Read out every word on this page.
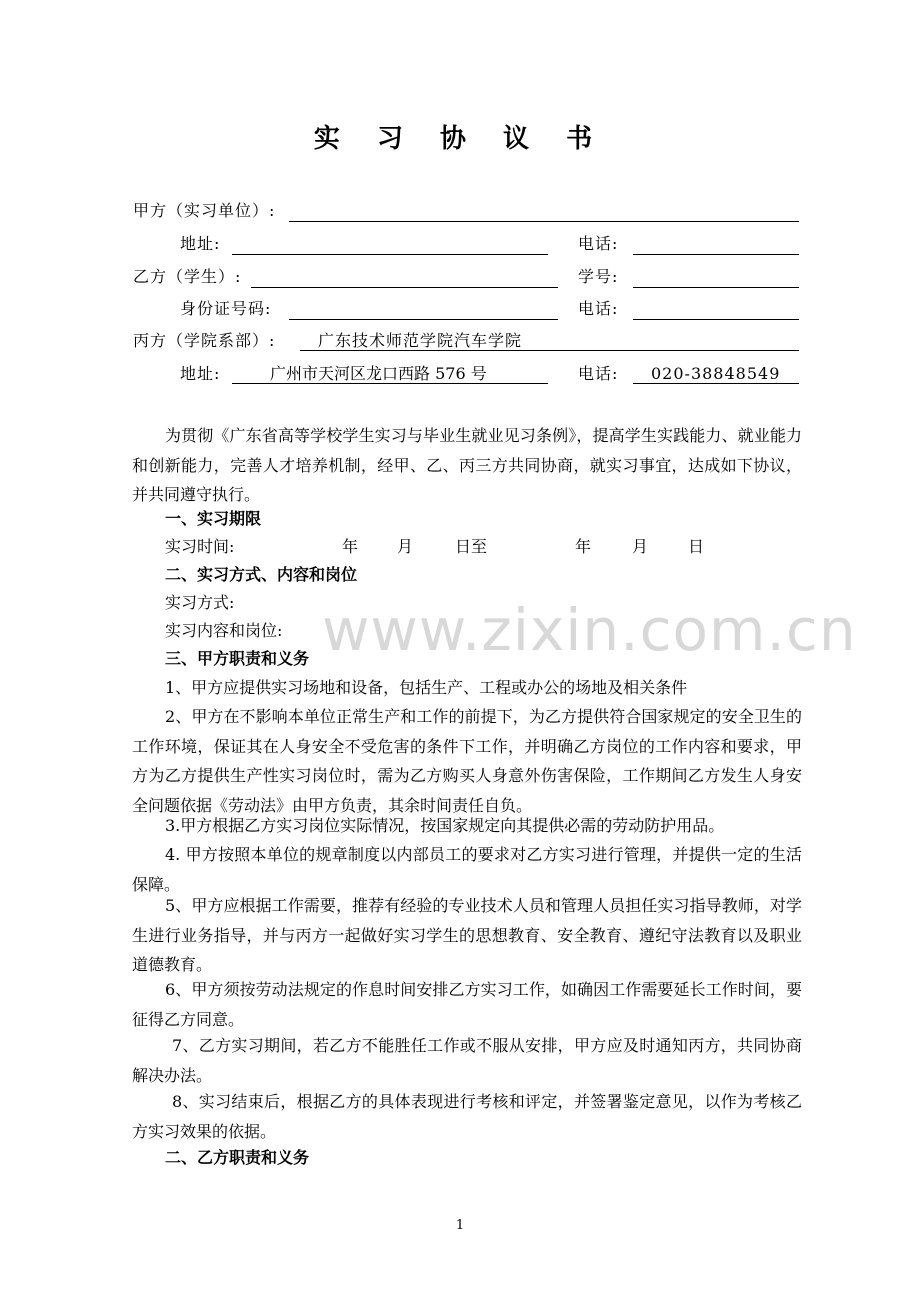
实 习 协 议 书
甲方（实习单位）:
地址:	电话:
乙方（学生）:	学号:
身份证号码:	电话:
丙方（学院系部）:	广东技术师范学院汽车学院
地址:	广州市天河区龙口西路 576 号	电话:	020-38848549
为贯彻《广东省高等学校学生实习与毕业生就业见习条例》，提高学生实践能力、就业能力和创新能力，完善人才培养机制，经甲、乙、丙三方共同协商，就实习事宜，达成如下协议，并共同遵守执行。
一、实习期限
实习时间:	年 月	日至	年	月 日
二、实习方式、内容和岗位
实习方式:
实习内容和岗位: www.zixin.com.cn
三、甲方职责和义务
1、甲方应提供实习场地和设备，包括生产、工程或办公的场地及相关条件
2、甲方在不影响本单位正常生产和工作的前提下，为乙方提供符合国家规定的安全卫生的工作环境，保证其在人身安全不受危害的条件下工作，并明确乙方岗位的工作内容和要求，甲方为乙方提供生产性实习岗位时，需为乙方购买人身意外伤害保险，工作期间乙方发生人身安全问题依据《劳动法》由甲方负责，其余时间责任自负。
3.甲方根据乙方实习岗位实际情况，按国家规定向其提供必需的劳动防护用品。
4. 甲方按照本单位的规章制度以内部员工的要求对乙方实习进行管理，并提供一定的生活保障。
5、甲方应根据工作需要，推荐有经验的专业技术人员和管理人员担任实习指导教师，对学生进行业务指导，并与丙方一起做好实习学生的思想教育、安全教育、遵纪守法教育以及职业道德教育。
6、甲方须按劳动法规定的作息时间安排乙方实习工作，如确因工作需要延长工作时间，要征得乙方同意。
7、乙方实习期间，若乙方不能胜任工作或不服从安排，甲方应及时通知丙方，共同协商解决办法。
8、实习结束后，根据乙方的具体表现进行考核和评定，并签署鉴定意见，以作为考核乙方实习效果的依据。
二、乙方职责和义务
1
